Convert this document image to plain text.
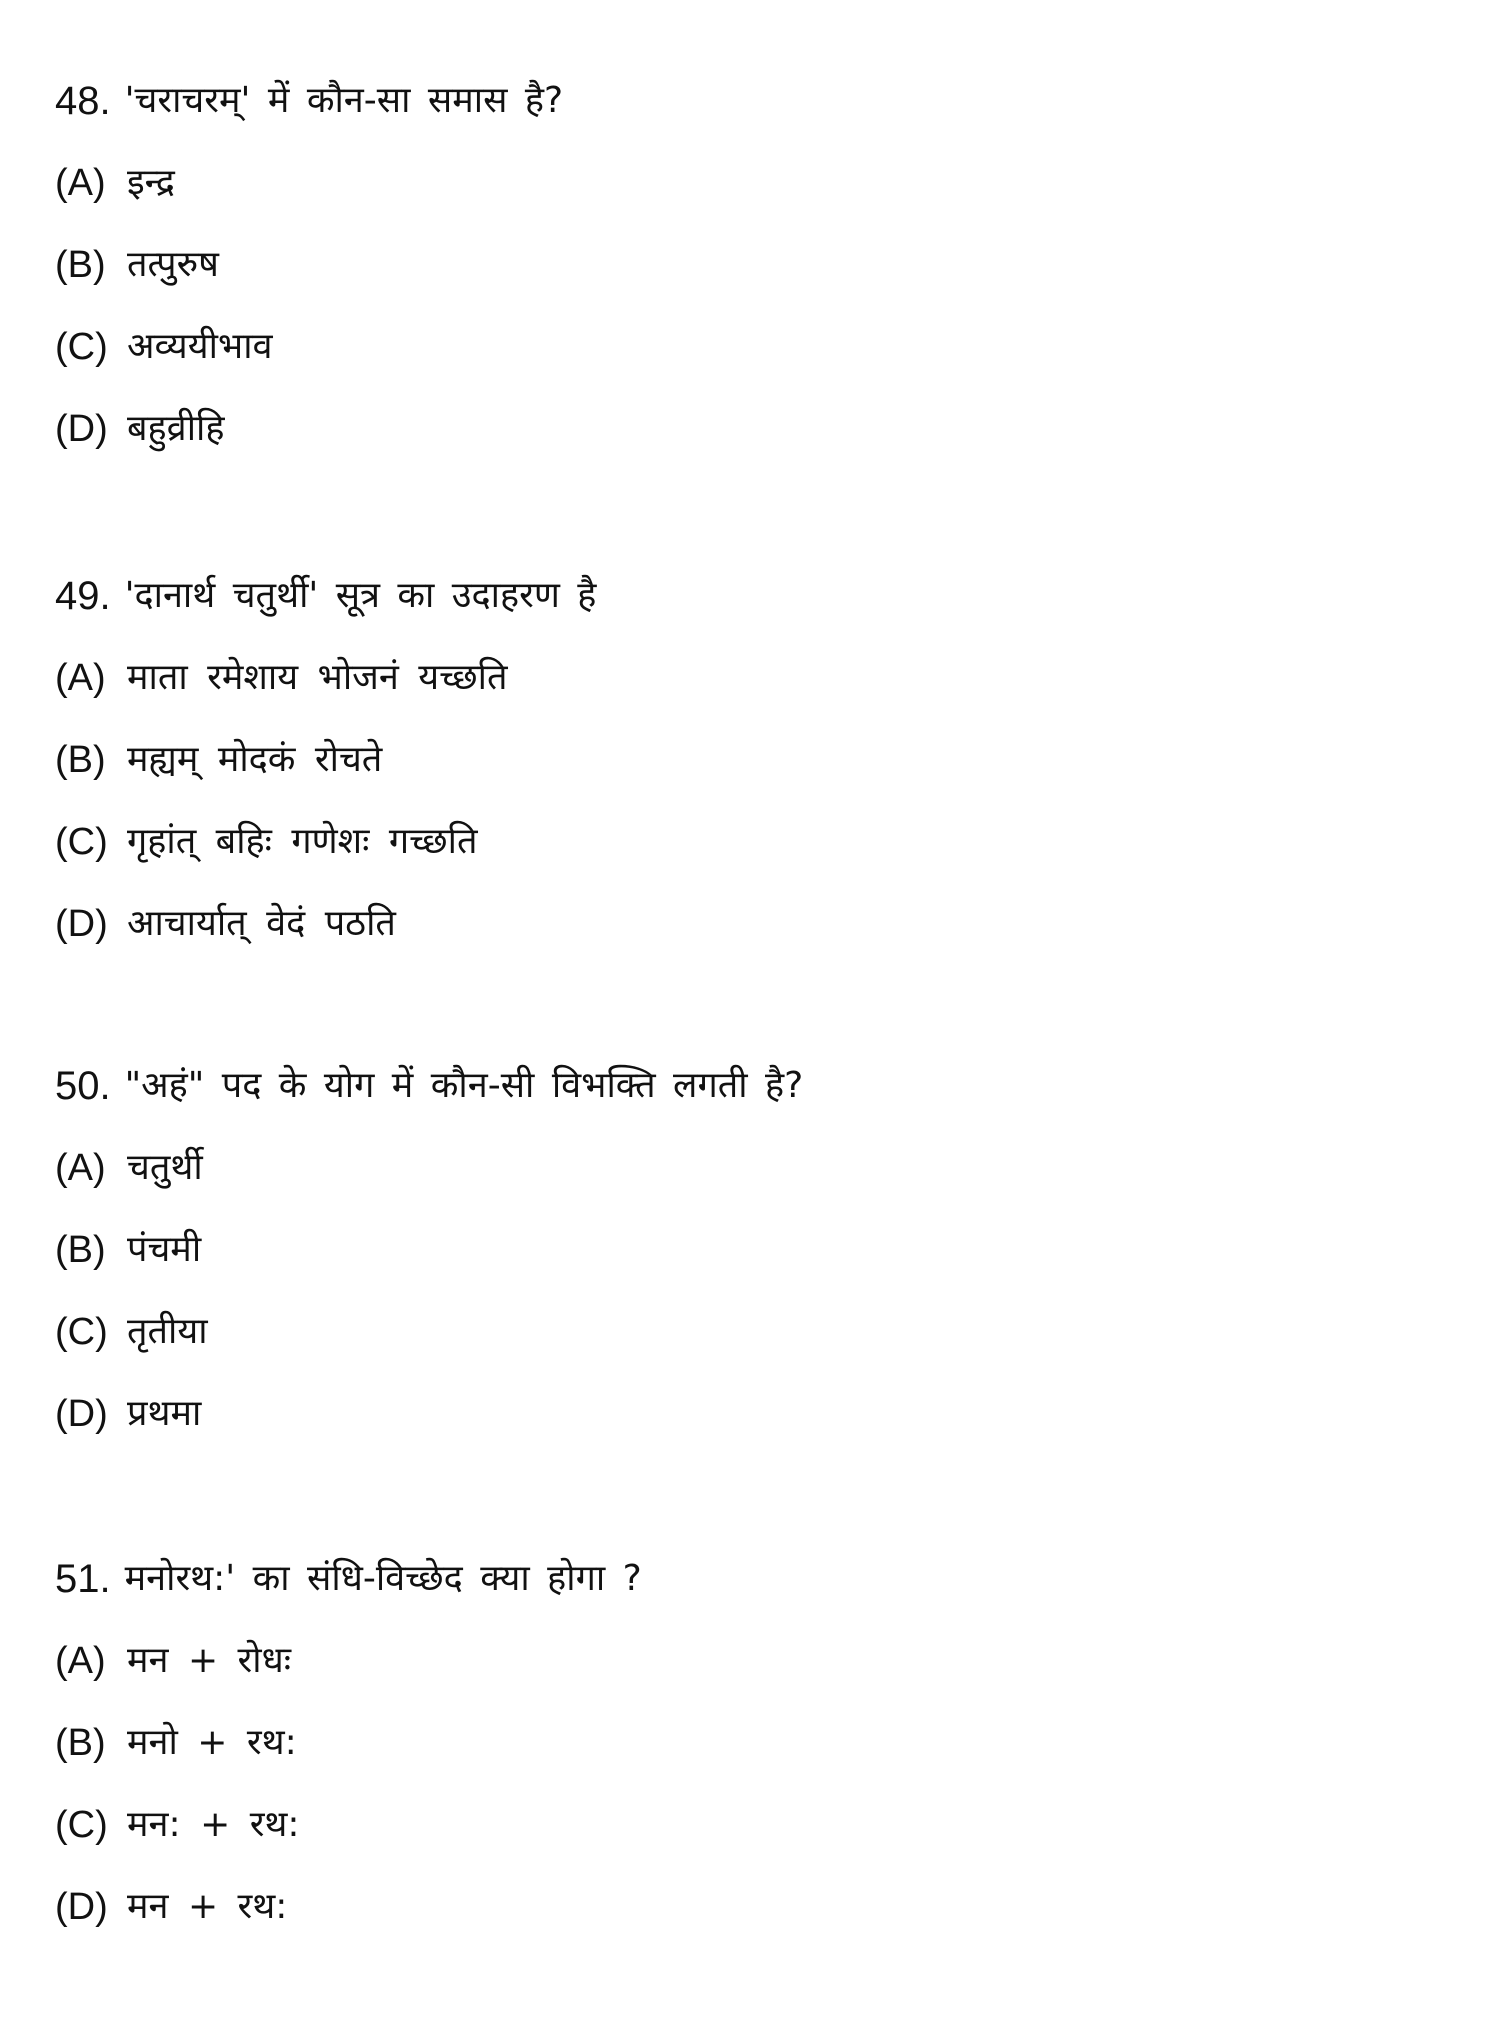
48. 'चराचरम्' में कौन-सा समास है?
(A) इन्द्र
(B) तत्पुरुष
(C) अव्ययीभाव
(D) बहुव्रीहि
49. 'दानार्थ चतुर्थी' सूत्र का उदाहरण है
(A) माता रमेशाय भोजनं यच्छति
(B) मह्यम् मोदकं रोचते
(C) गृहांत् बहिः गणेशः गच्छति
(D) आचार्यात् वेदं पठति
50. "अहं" पद के योग में कौन-सी विभक्ति लगती है?
(A) चतुर्थी
(B) पंचमी
(C) तृतीया
(D) प्रथमा
51. मनोरथ:' का संधि-विच्छेद क्या होगा ?
(A) मन + रोधः
(B) मनो + रथ:
(C) मन: + रथ:
(D) मन + रथ:
